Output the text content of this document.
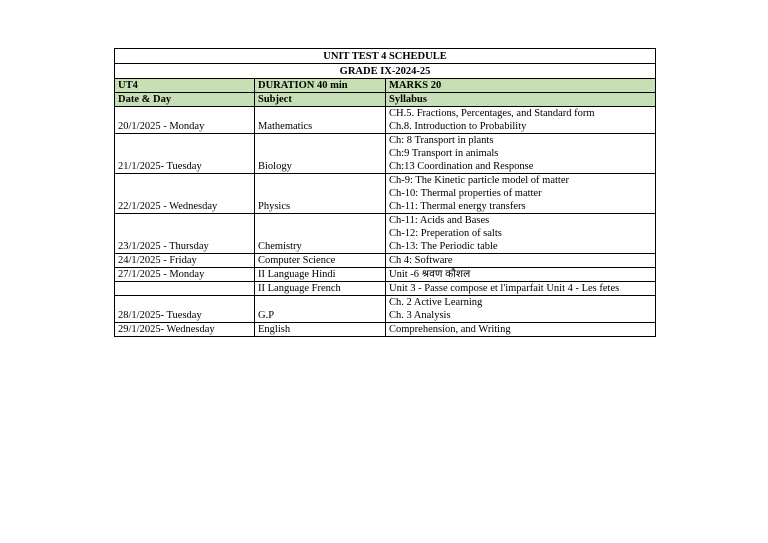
UNIT TEST 4 SCHEDULE		
GRADE IX-2024-25		
UT4	DURATION 40 min	MARKS 20
Date & Day	Subject	Syllabus
20/1/2025 - Monday	Mathematics	CH.5. Fractions, Percentages, and Standard form
Ch.8. Introduction to Probability

21/1/2025- Tuesday	Biology	Ch: 8 Transport in plants
Ch:9 Transport in animals
Ch:13 Coordination and Response

22/1/2025 - Wednesday	Physics	Ch-9: The Kinetic particle model of matter
Ch-10: Thermal properties of matter
Ch-11: Thermal energy transfers

23/1/2025 - Thursday	Chemistry	Ch-11: Acids and Bases
Ch-12: Preperation of salts
Ch-13: The Periodic table

24/1/2025 - Friday	Computer Science	Ch 4: Software

27/1/2025 - Monday	II Language Hindi	Unit -6 श्रवण कौशल

	II Language French	Unit 3 - Passe compose et l'imparfait Unit 4 - Les fetes

28/1/2025- Tuesday	G.P	Ch. 2 Active Learning
Ch. 3 Analysis

29/1/2025- Wednesday	English	Comprehension, and Writing
